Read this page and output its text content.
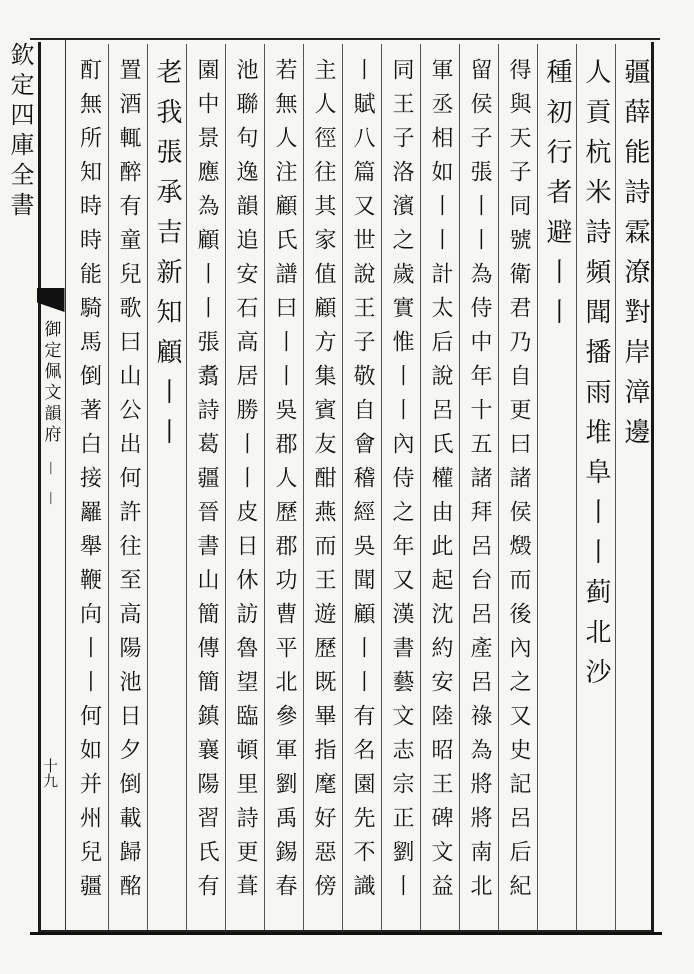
欽定四庫全書
御定佩文韻府
－
－
十九
疆薛能詩霖潦對岸漳邊
人貢杭米詩頻聞播雨堆阜丨丨蓟北沙
種初行者避丨丨
得與天子同號衛君乃自更曰諸侯燬而後內之又史記呂后紀
留侯子張丨丨為侍中年十五諸拜呂台呂產呂祿為將將南北
軍丞相如丨丨計太后說呂氏權由此起沈約安陸昭王碑文益
同王子洛濱之歲實惟丨丨內侍之年又漢書藝文志宗正劉丨
丨賦八篇又世說王子敬自會稽經吳聞顧丨丨有名園先不識
主人徑往其家值顧方集賓友酣燕而王遊歷既畢指麾好惡傍
若無人注顧氏譜曰丨丨吳郡人歷郡功曹平北參軍劉禹錫春
池聯句逸韻追安石高居勝丨丨皮日休訪魯望臨頓里詩更葺
園中景應為顧丨丨張翥詩葛疆晉書山簡傳簡鎮襄陽習氏有
老我張承吉新知顧丨丨
置酒輒醉有童兒歌曰山公出何許往至高陽池日夕倒載歸酩
酊無所知時時能騎馬倒著白接䍦舉鞭向丨丨何如并州兒疆
